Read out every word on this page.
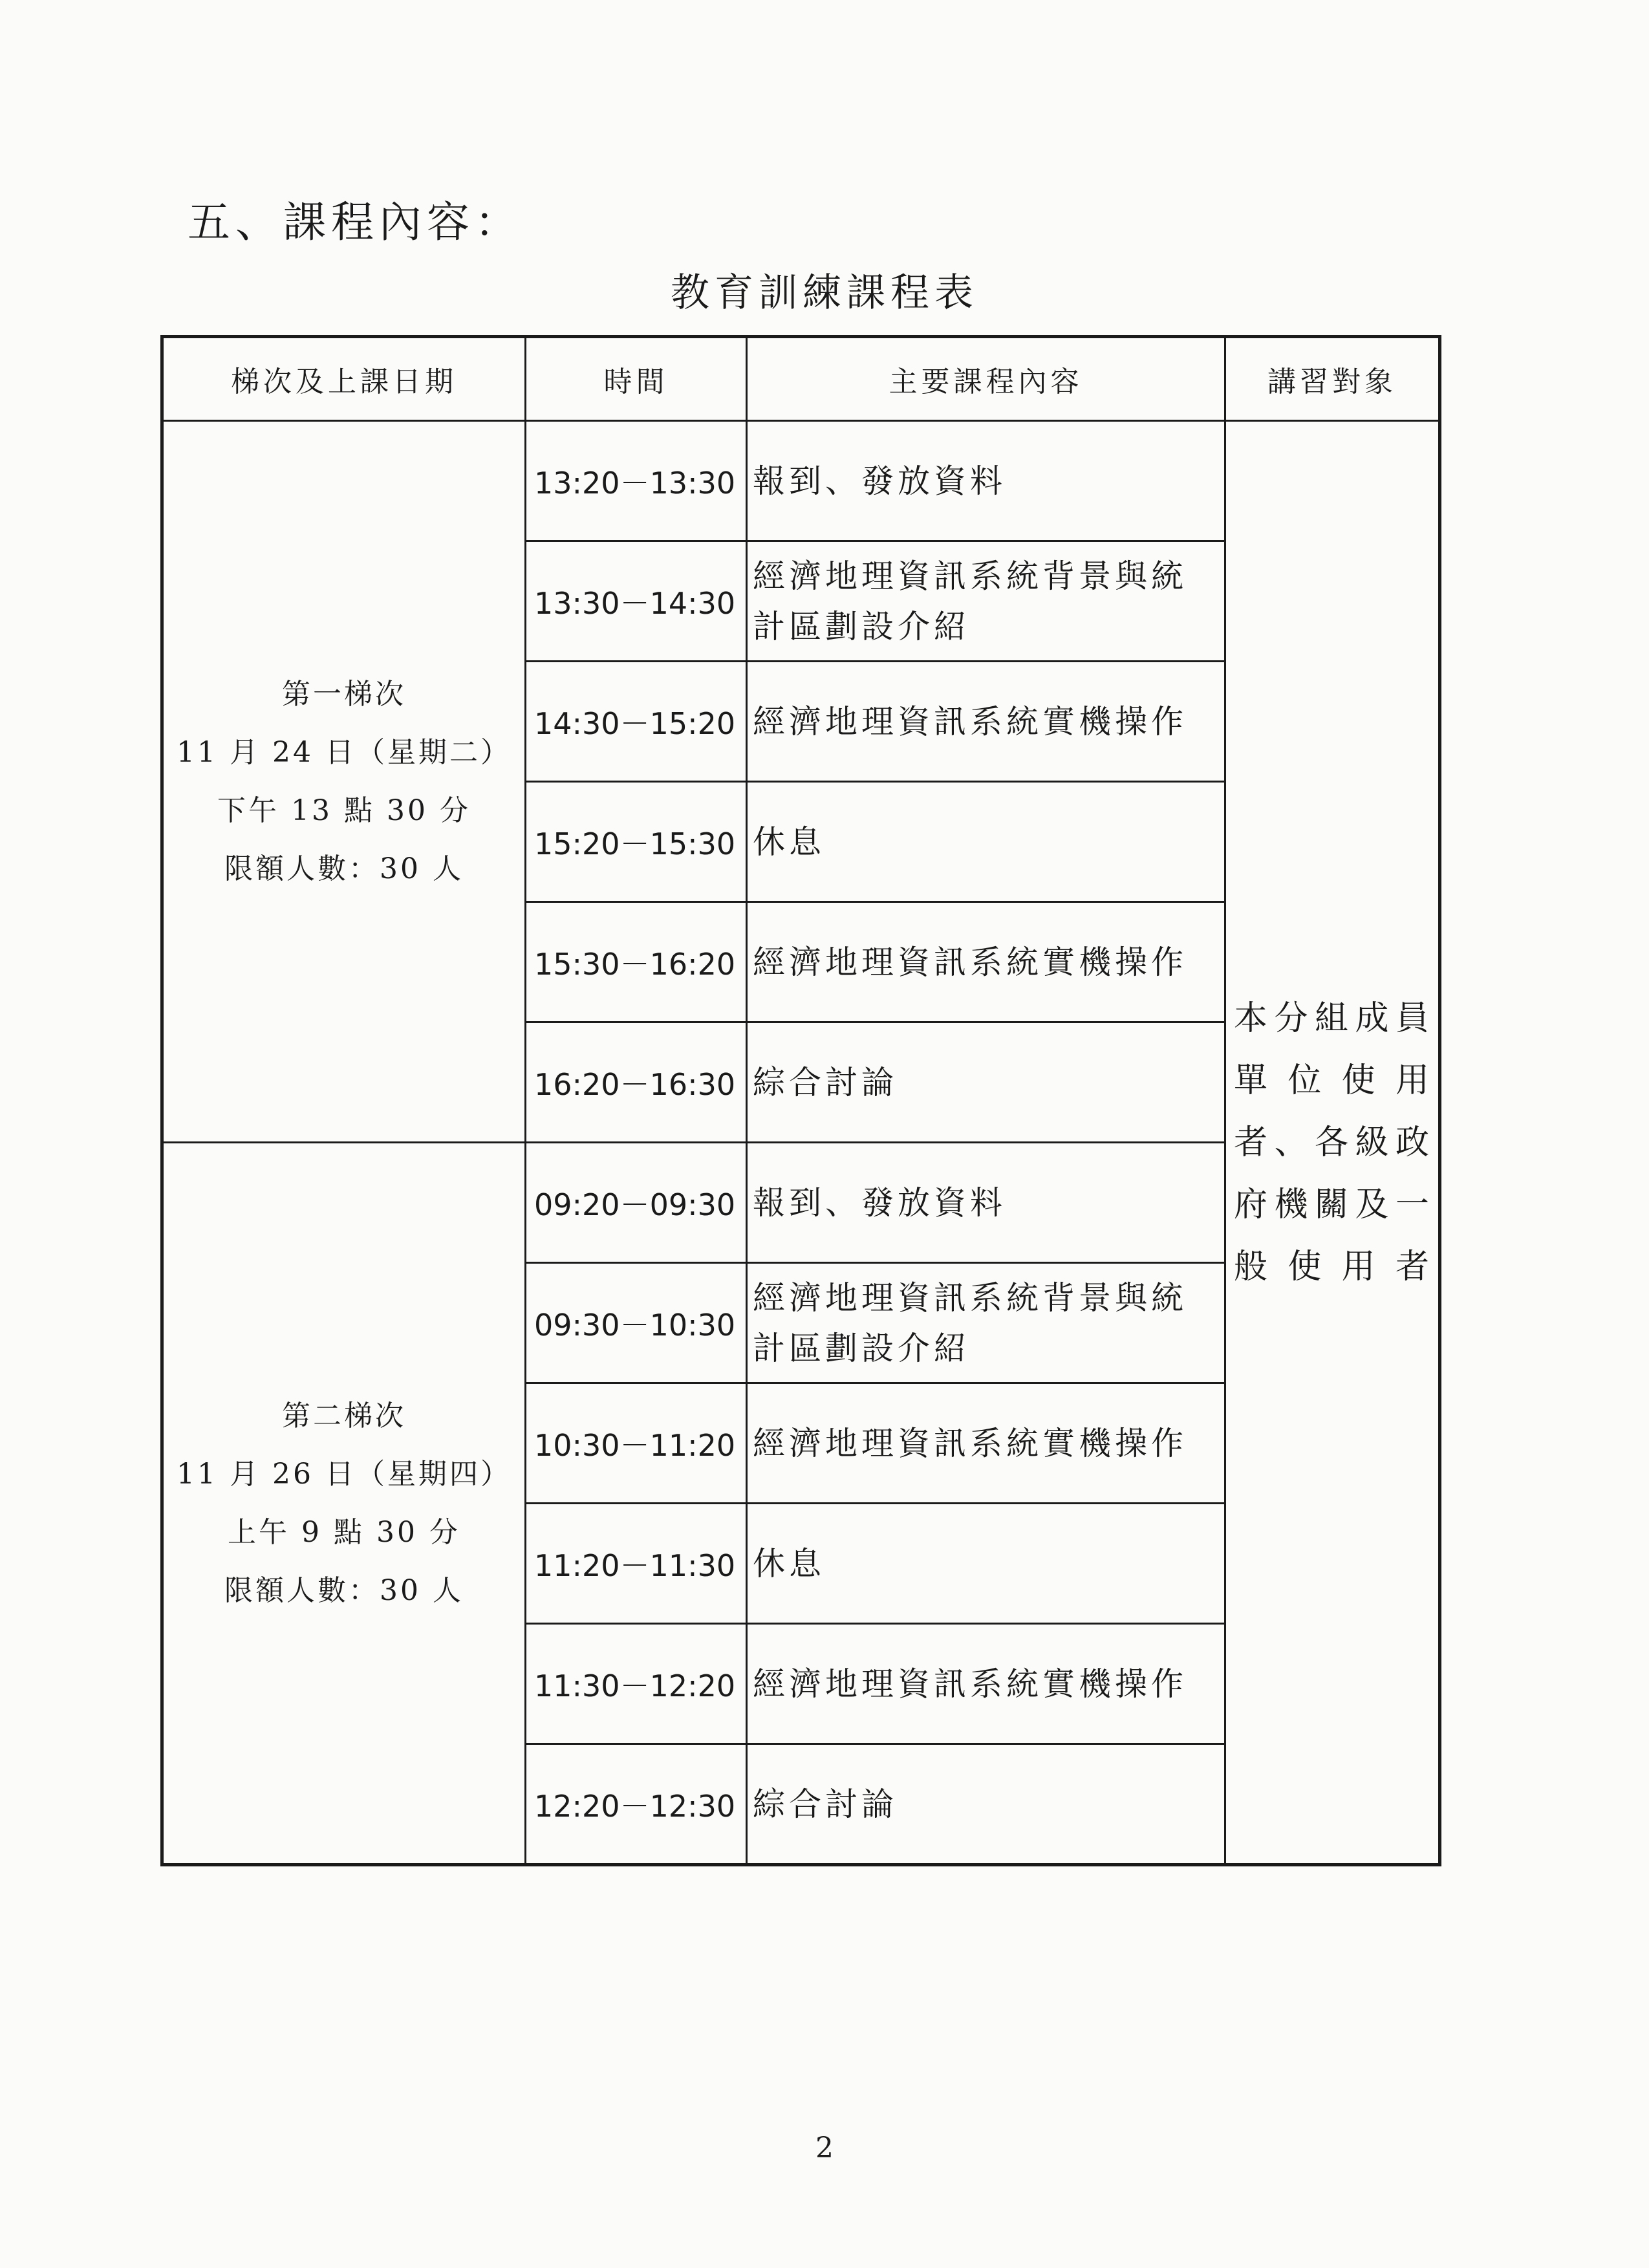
五、課程內容：
教育訓練課程表
梯次及上課日期	時間	主要課程內容	講習對象

第一梯次
11 月 24 日（星期二）
下午 13 點 30 分
限額人數：30 人	13:20－13:30	報到、發放資料	本分組成員單位使用者、各級政府機關及一般使用者
	13:30－14:30	經濟地理資訊系統背景與統計區劃設介紹	
	14:30－15:20	經濟地理資訊系統實機操作	
	15:20－15:30	休息	
	15:30－16:20	經濟地理資訊系統實機操作	
	16:20－16:30	綜合討論	

第二梯次
11 月 26 日（星期四）
上午 9 點 30 分
限額人數：30 人	09:20－09:30	報到、發放資料	
	09:30－10:30	經濟地理資訊系統背景與統計區劃設介紹	
	10:30－11:20	經濟地理資訊系統實機操作	
	11:20－11:30	休息	
	11:30－12:20	經濟地理資訊系統實機操作	
	12:20－12:30	綜合討論	

2
